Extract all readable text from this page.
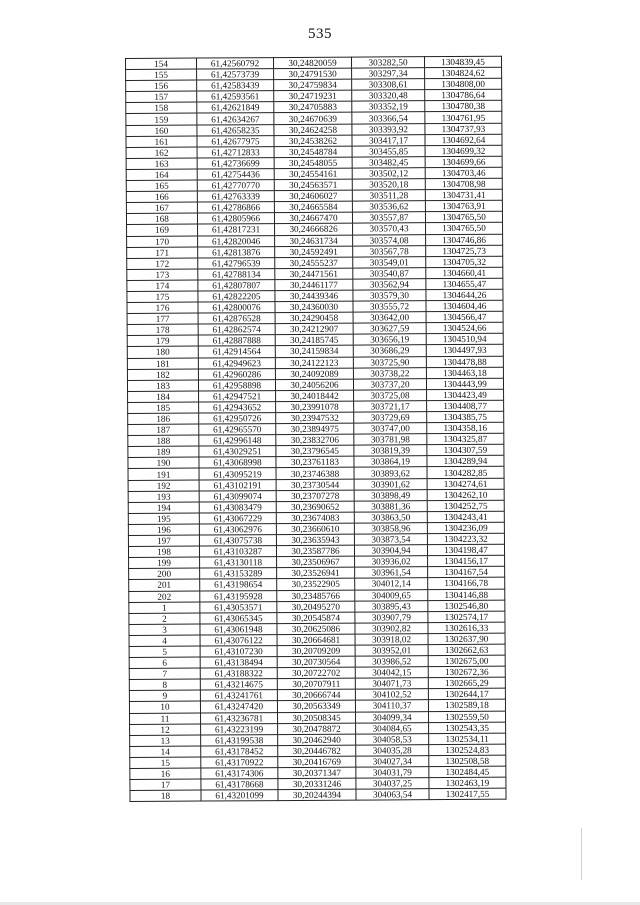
535
154	61,42560792	30,24820059	303282,50	1304839,45
155	61,42573739	30,24791530	303297,34	1304824,62
156	61,42583439	30,24759834	303308,61	1304808,00
157	61,42593561	30,24719231	303320,48	1304786,64
158	61,42621849	30,24705883	303352,19	1304780,38
159	61,42634267	30,24670639	303366,54	1304761,95
160	61,42658235	30,24624258	303393,92	1304737,93
161	61,42677975	30,24538262	303417,17	1304692,64
162	61,42712833	30,24548784	303455,85	1304699,32
163	61,42736699	30,24548055	303482,45	1304699,66
164	61,42754436	30,24554161	303502,12	1304703,46
165	61,42770770	30,24563571	303520,18	1304708,98
166	61,42763339	30,24606027	303511,28	1304731,41
167	61,42786866	30,24665584	303536,62	1304763,91
168	61,42805966	30,24667470	303557,87	1304765,50
169	61,42817231	30,24666826	303570,43	1304765,50
170	61,42820046	30,24631734	303574,08	1304746,86
171	61,42813876	30,24592491	303567,78	1304725,73
172	61,42796539	30,24555237	303549,01	1304705,32
173	61,42788134	30,24471561	303540,87	1304660,41
174	61,42807807	30,24461177	303562,94	1304655,47
175	61,42822205	30,24439346	303579,30	1304644,26
176	61,42800076	30,24360030	303555,72	1304604,46
177	61,42876528	30,24290458	303642,00	1304566,47
178	61,42862574	30,24212907	303627,59	1304524,66
179	61,42887888	30,24185745	303656,19	1304510,94
180	61,42914564	30,24159834	303686,29	1304497,93
181	61,42949623	30,24122123	303725,90	1304478,88
182	61,42960286	30,24092089	303738,22	1304463,18
183	61,42958898	30,24056206	303737,20	1304443,99
184	61,42947521	30,24018442	303725,08	1304423,49
185	61,42943652	30,23991078	303721,17	1304408,77
186	61,42950726	30,23947532	303729,69	1304385,75
187	61,42965570	30,23894975	303747,00	1304358,16
188	61,42996148	30,23832706	303781,98	1304325,87
189	61,43029251	30,23796545	303819,39	1304307,59
190	61,43068998	30,23761183	303864,19	1304289,94
191	61,43095219	30,23746388	303893,62	1304282,85
192	61,43102191	30,23730544	303901,62	1304274,61
193	61,43099074	30,23707278	303898,49	1304262,10
194	61,43083479	30,23690652	303881,36	1304252,75
195	61,43067229	30,23674083	303863,50	1304243,41
196	61,43062976	30,23660610	303858,96	1304236,09
197	61,43075738	30,23635943	303873,54	1304223,32
198	61,43103287	30,23587786	303904,94	1304198,47
199	61,43130118	30,23506967	303936,02	1304156,17
200	61,43153289	30,23526941	303961,54	1304167,54
201	61,43198654	30,23522905	304012,14	1304166,78
202	61,43195928	30,23485766	304009,65	1304146,88
1	61,43053571	30,20495270	303895,43	1302546,80
2	61,43065345	30,20545874	303907,79	1302574,17
3	61,43061948	30,20625086	303902,82	1302616,33
4	61,43076122	30,20664681	303918,02	1302637,90
5	61,43107230	30,20709209	303952,01	1302662,63
6	61,43138494	30,20730564	303986,52	1302675,00
7	61,43188322	30,20722702	304042,15	1302672,36
8	61,43214675	30,20707911	304071,73	1302665,29
9	61,43241761	30,20666744	304102,52	1302644,17
10	61,43247420	30,20563349	304110,37	1302589,18
11	61,43236781	30,20508345	304099,34	1302559,50
12	61,43223199	30,20478872	304084,65	1302543,35
13	61,43199538	30,20462940	304058,53	1302534,11
14	61,43178452	30,20446782	304035,28	1302524,83
15	61,43170922	30,20416769	304027,34	1302508,58
16	61,43174306	30,20371347	304031,79	1302484,45
17	61,43178668	30,20331246	304037,25	1302463,19
18	61,43201099	30,20244394	304063,54	1302417,55
